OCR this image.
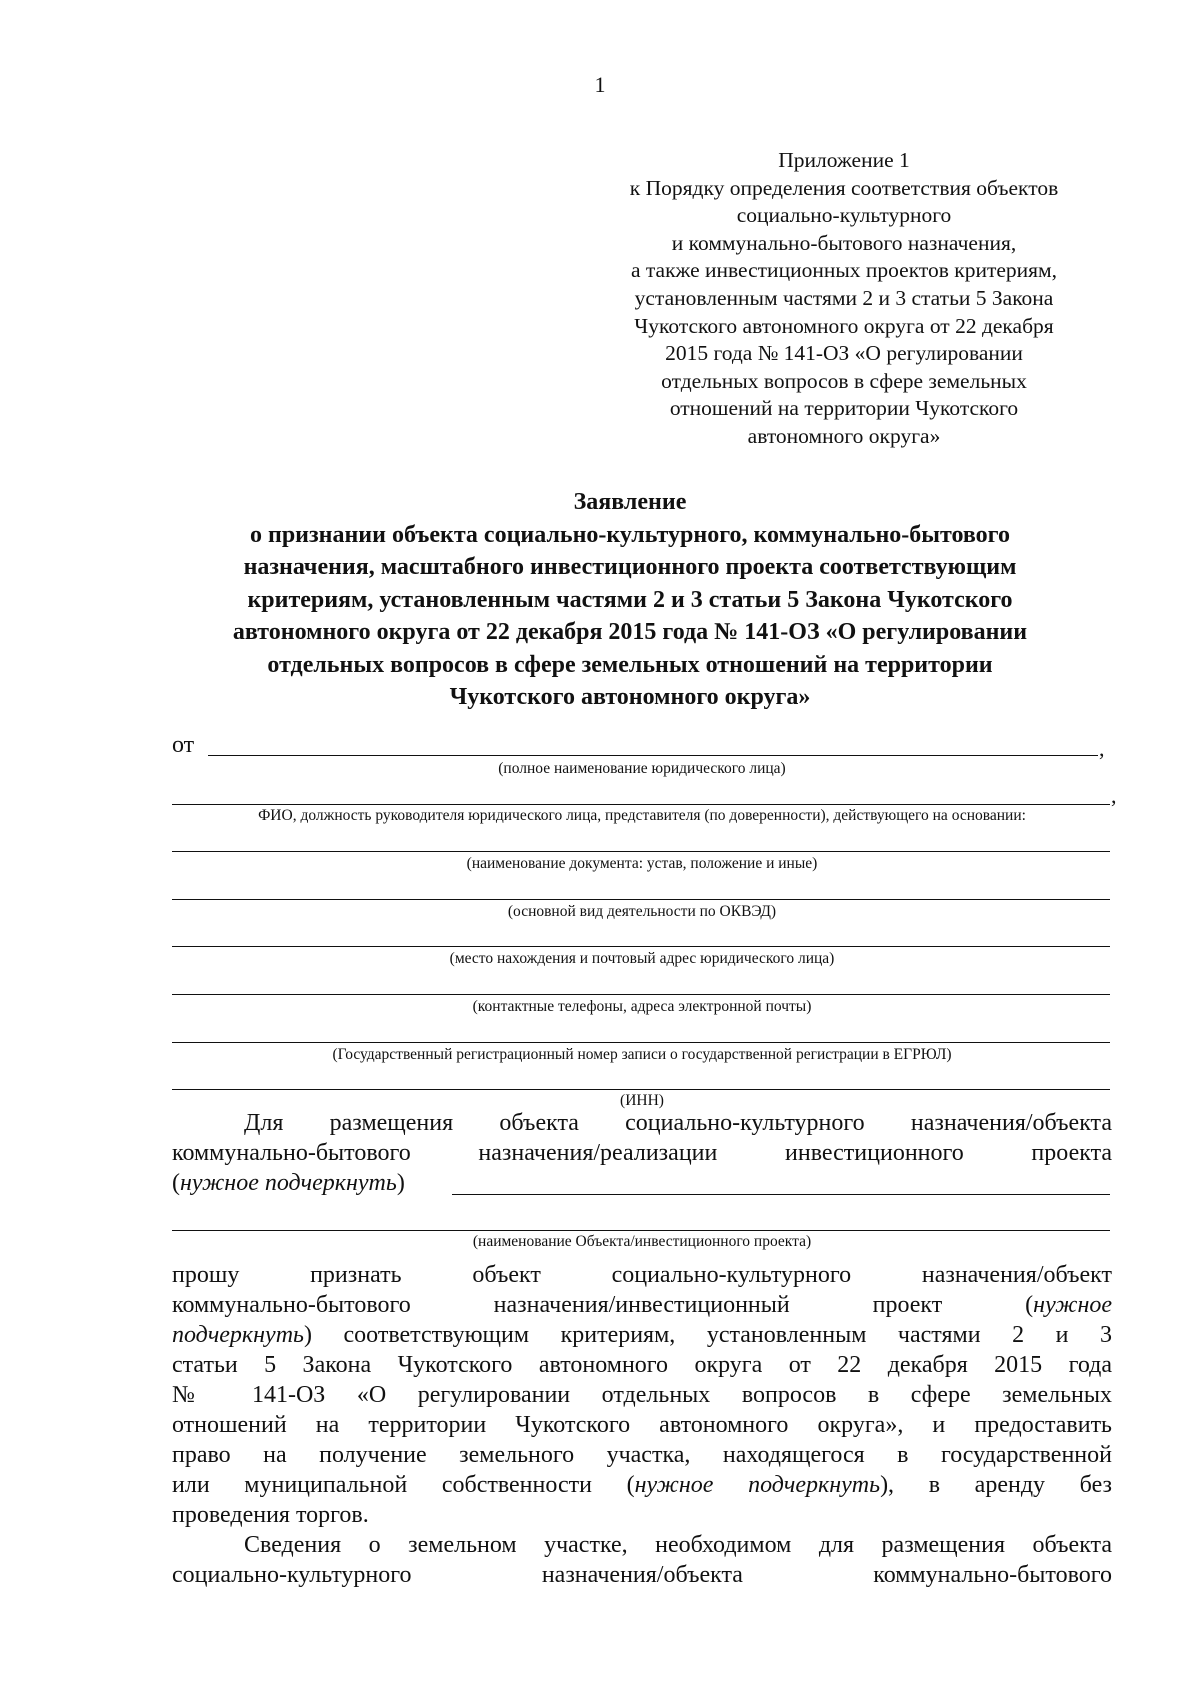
1
Приложение 1
к Порядку определения соответствия объектов
социально-культурного
и коммунально-бытового назначения,
а также инвестиционных проектов критериям,
установленным частями 2 и 3 статьи 5 Закона
Чукотского автономного округа от 22 декабря
2015 года № 141-ОЗ «О регулировании
отдельных вопросов в сфере земельных
отношений на территории Чукотского
автономного округа»
Заявление
о признании объекта социально-культурного, коммунально-бытового
назначения, масштабного инвестиционного проекта соответствующим
критериям, установленным частями 2 и 3 статьи 5 Закона Чукотского
автономного округа от 22 декабря 2015 года № 141-ОЗ «О регулировании
отдельных вопросов в сфере земельных отношений на территории
Чукотского автономного округа»
от	,
(полное наименование юридического лица)
,
ФИО, должность руководителя юридического лица, представителя (по доверенности), действующего на основании:
(наименование документа: устав, положение и иные)
(основной вид деятельности по ОКВЭД)
(место нахождения и почтовый адрес юридического лица)
(контактные телефоны, адреса электронной почты)
(Государственный регистрационный номер записи о государственной регистрации в ЕГРЮЛ)
(ИНН)
Для размещения объекта социально-культурного назначения/объекта
коммунально-бытового назначения/реализации инвестиционного проекта
(нужное подчеркнуть)
(наименование Объекта/инвестиционного проекта)
прошу признать объект социально-культурного назначения/объект
коммунально-бытового назначения/инвестиционный проект (нужное
подчеркнуть) соответствующим критериям, установленным частями 2 и 3
статьи 5 Закона Чукотского автономного округа от 22 декабря 2015 года
№ 141-ОЗ «О регулировании отдельных вопросов в сфере земельных
отношений на территории Чукотского автономного округа», и предоставить
право на получение земельного участка, находящегося в государственной
или муниципальной собственности (нужное подчеркнуть), в аренду без
проведения торгов.
Сведения о земельном участке, необходимом для размещения объекта
социально-культурного назначения/объекта коммунально-бытового
